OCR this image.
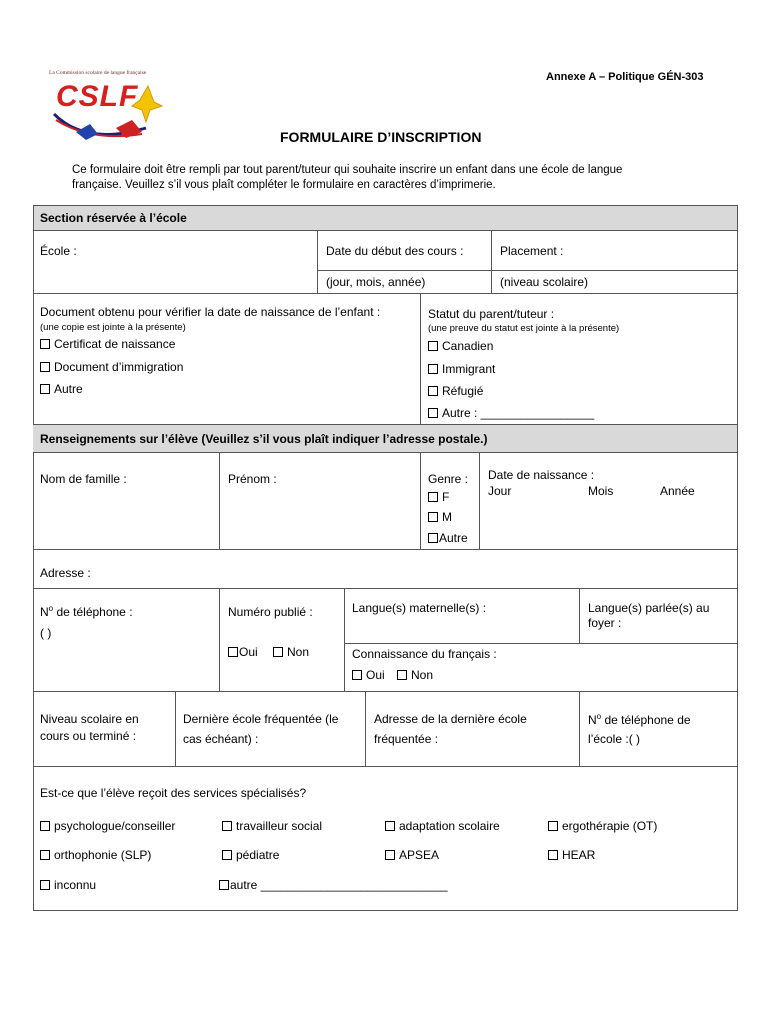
La Commission scolaire de langue française
CSLF
Annexe A – Politique GÉN-303
FORMULAIRE D’INSCRIPTION
Ce formulaire doit être rempli par tout parent/tuteur qui souhaite inscrire un enfant dans une école de langue
française. Veuillez s’il vous plaît compléter le formulaire en caractères d’imprimerie.
Section réservée à l’école
École :	Date du début des cours :	Placement :
(jour, mois, année)	(niveau scolaire)
Document obtenu pour vérifier la date de naissance de l’enfant :
(une copie est jointe à la présente)
Certificat de naissance
Document d’immigration
Autre
Statut du parent/tuteur :
(une preuve du statut est jointe à la présente)
Canadien
Immigrant
Réfugié
Autre : _________________
Renseignements sur l’élève (Veuillez s’il vous plaît indiquer l’adresse postale.)
Nom de famille :	Prénom :	Genre :
F
M
Autre
Date de naissance :
Jour	Mois	Année
Adresse :
$N^o$ de téléphone :
( )
Numéro publié :
Oui	Non
Langue(s) maternelle(s) :	Langue(s) parlée(s) au
foyer :
Connaissance du français :
Oui	Non
Niveau scolaire en
cours ou terminé :
Dernière école fréquentée (le
cas échéant) :
Adresse de la dernière école
fréquentée :
$N^o$ de téléphone de
l’école :( )
Est-ce que l’élève reçoit des services spécialisés?
psychologue/conseiller	travailleur social	adaptation scolaire	ergothérapie (OT)
orthophonie (SLP)	pédiatre	APSEA	HEAR
inconnu	autre ____________________________
